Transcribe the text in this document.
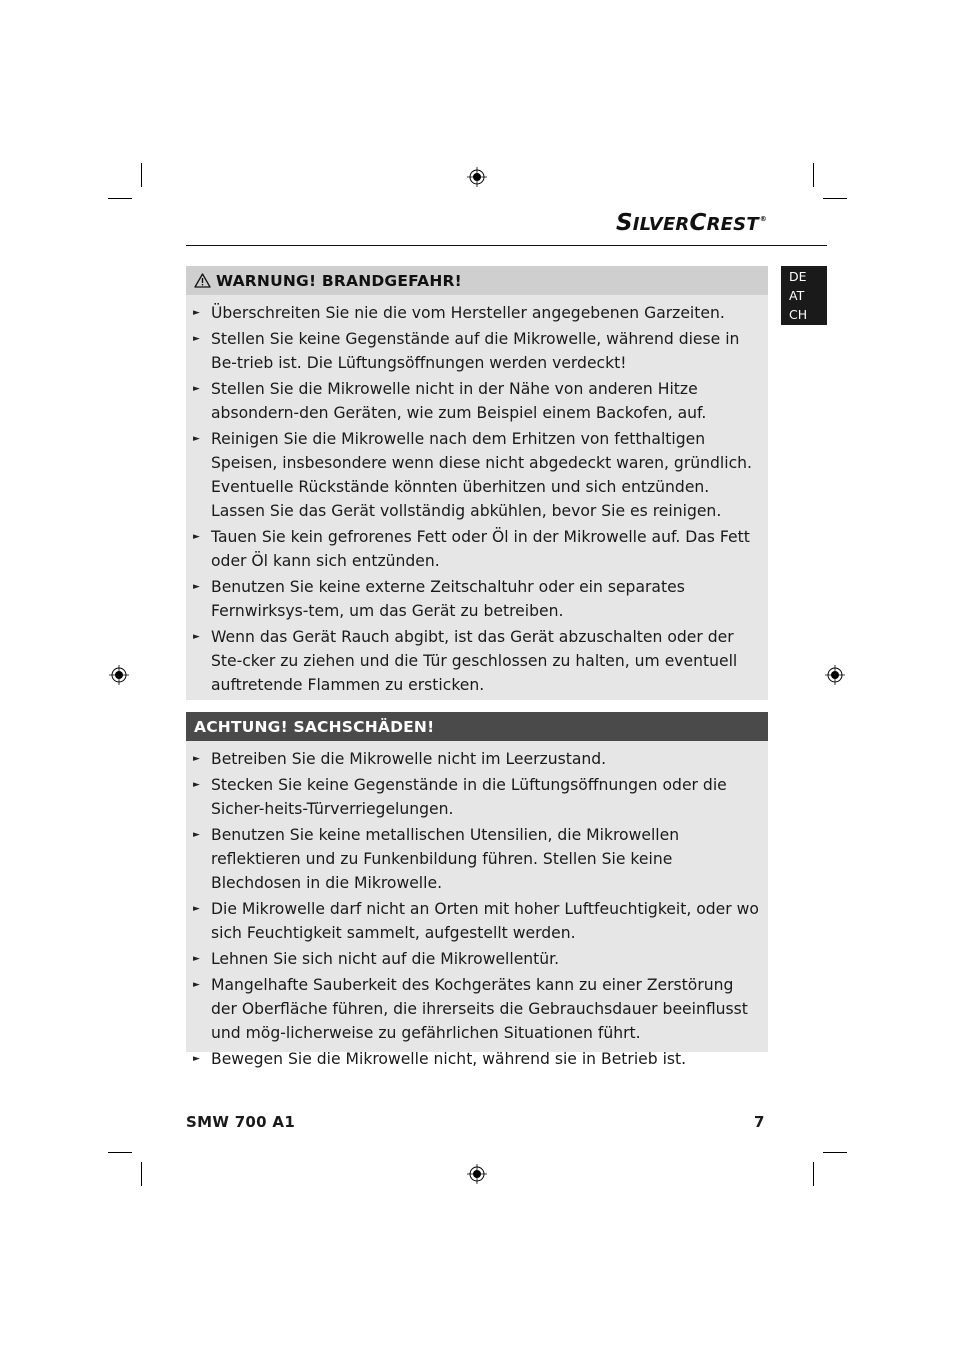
SILVERCREST®
DE
AT
CH
WARNUNG! BRANDGEFAHR!
► Überschreiten Sie nie die vom Hersteller angegebenen Garzeiten.
► Stellen Sie keine Gegenstände auf die Mikrowelle, während diese in Be-trieb ist. Die Lüftungsöffnungen werden verdeckt!
► Stellen Sie die Mikrowelle nicht in der Nähe von anderen Hitze absondern-den Geräten, wie zum Beispiel einem Backofen, auf.
► Reinigen Sie die Mikrowelle nach dem Erhitzen von fetthaltigen Speisen, insbesondere wenn diese nicht abgedeckt waren, gründlich. Eventuelle Rückstände könnten überhitzen und sich entzünden. Lassen Sie das Gerät vollständig abkühlen, bevor Sie es reinigen.
► Tauen Sie kein gefrorenes Fett oder Öl in der Mikrowelle auf. Das Fett oder Öl kann sich entzünden.
► Benutzen Sie keine externe Zeitschaltuhr oder ein separates Fernwirksys-tem, um das Gerät zu betreiben.
► Wenn das Gerät Rauch abgibt, ist das Gerät abzuschalten oder der Ste-cker zu ziehen und die Tür geschlossen zu halten, um eventuell auftretende Flammen zu ersticken.
ACHTUNG! SACHSCHÄDEN!
► Betreiben Sie die Mikrowelle nicht im Leerzustand.
► Stecken Sie keine Gegenstände in die Lüftungsöffnungen oder die Sicher-heits-Türverriegelungen.
► Benutzen Sie keine metallischen Utensilien, die Mikrowellen reflektieren und zu Funkenbildung führen. Stellen Sie keine Blechdosen in die Mikrowelle.
► Die Mikrowelle darf nicht an Orten mit hoher Luftfeuchtigkeit, oder wo sich Feuchtigkeit sammelt, aufgestellt werden.
► Lehnen Sie sich nicht auf die Mikrowellentür.
► Mangelhafte Sauberkeit des Kochgerätes kann zu einer Zerstörung der Oberfläche führen, die ihrerseits die Gebrauchsdauer beeinflusst und mög-licherweise zu gefährlichen Situationen führt.
► Bewegen Sie die Mikrowelle nicht, während sie in Betrieb ist.
SMW 700 A1	7
